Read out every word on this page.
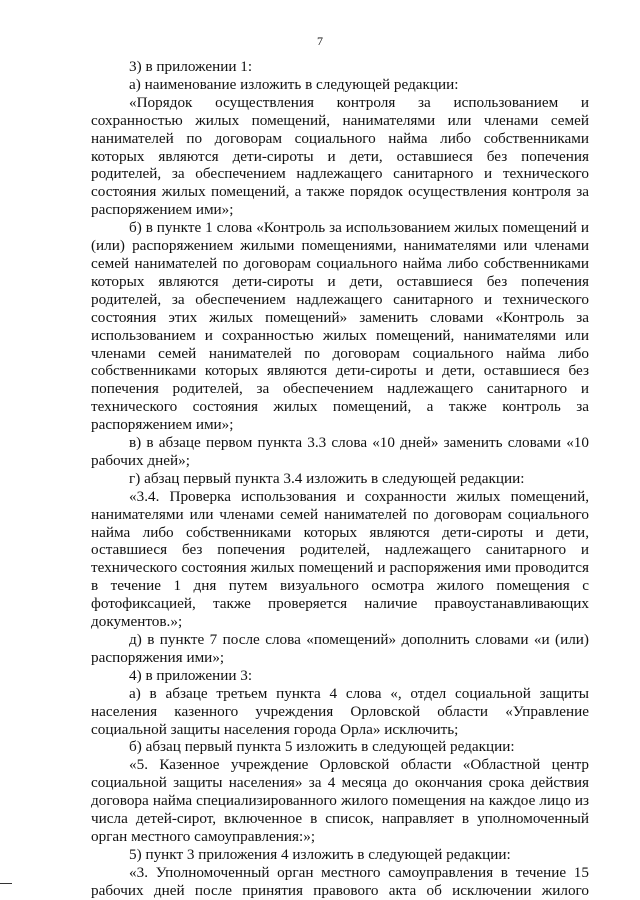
7

3) в приложении 1:

а) наименование изложить в следующей редакции:

«Порядок осуществления контроля за использованием и сохранностью жилых помещений, нанимателями или членами семей нанимателей по договорам социального найма либо собственниками которых являются дети-сироты и дети, оставшиеся без попечения родителей, за обеспечением надлежащего санитарного и технического состояния жилых помещений, а также порядок осуществления контроля за распоряжением ими»;

б) в пункте 1 слова «Контроль за использованием жилых помещений и (или) распоряжением жилыми помещениями, нанимателями или членами семей нанимателей по договорам социального найма либо собственниками которых являются дети-сироты и дети, оставшиеся без попечения родителей, за обеспечением надлежащего санитарного и технического состояния этих жилых помещений» заменить словами «Контроль за использованием и сохранностью жилых помещений, нанимателями или членами семей нанимателей по договорам социального найма либо собственниками которых являются дети-сироты и дети, оставшиеся без попечения родителей, за обеспечением надлежащего санитарного и технического состояния жилых помещений, а также контроль за распоряжением ими»;

в) в абзаце первом пункта 3.3 слова «10 дней» заменить словами «10 рабочих дней»;

г) абзац первый пункта 3.4 изложить в следующей редакции:

«3.4. Проверка использования и сохранности жилых помещений, нанимателями или членами семей нанимателей по договорам социального найма либо собственниками которых являются дети-сироты и дети, оставшиеся без попечения родителей, надлежащего санитарного и технического состояния жилых помещений и распоряжения ими проводится в течение 1 дня путем визуального осмотра жилого помещения с фотофиксацией, также проверяется наличие правоустанавливающих документов.»;

д) в пункте 7 после слова «помещений» дополнить словами «и (или) распоряжения ими»;

4) в приложении 3:

а) в абзаце третьем пункта 4 слова «, отдел социальной защиты населения казенного учреждения Орловской области «Управление социальной защиты населения города Орла» исключить;

б) абзац первый пункта 5 изложить в следующей редакции:

«5. Казенное учреждение Орловской области «Областной центр социальной защиты населения» за 4 месяца до окончания срока действия договора найма специализированного жилого помещения на каждое лицо из числа детей-сирот, включенное в список, направляет в уполномоченный орган местного самоуправления:»;

5) пункт 3 приложения 4 изложить в следующей редакции:

«3. Уполномоченный орган местного самоуправления в течение 15 рабочих дней после принятия правового акта об исключении жилого
